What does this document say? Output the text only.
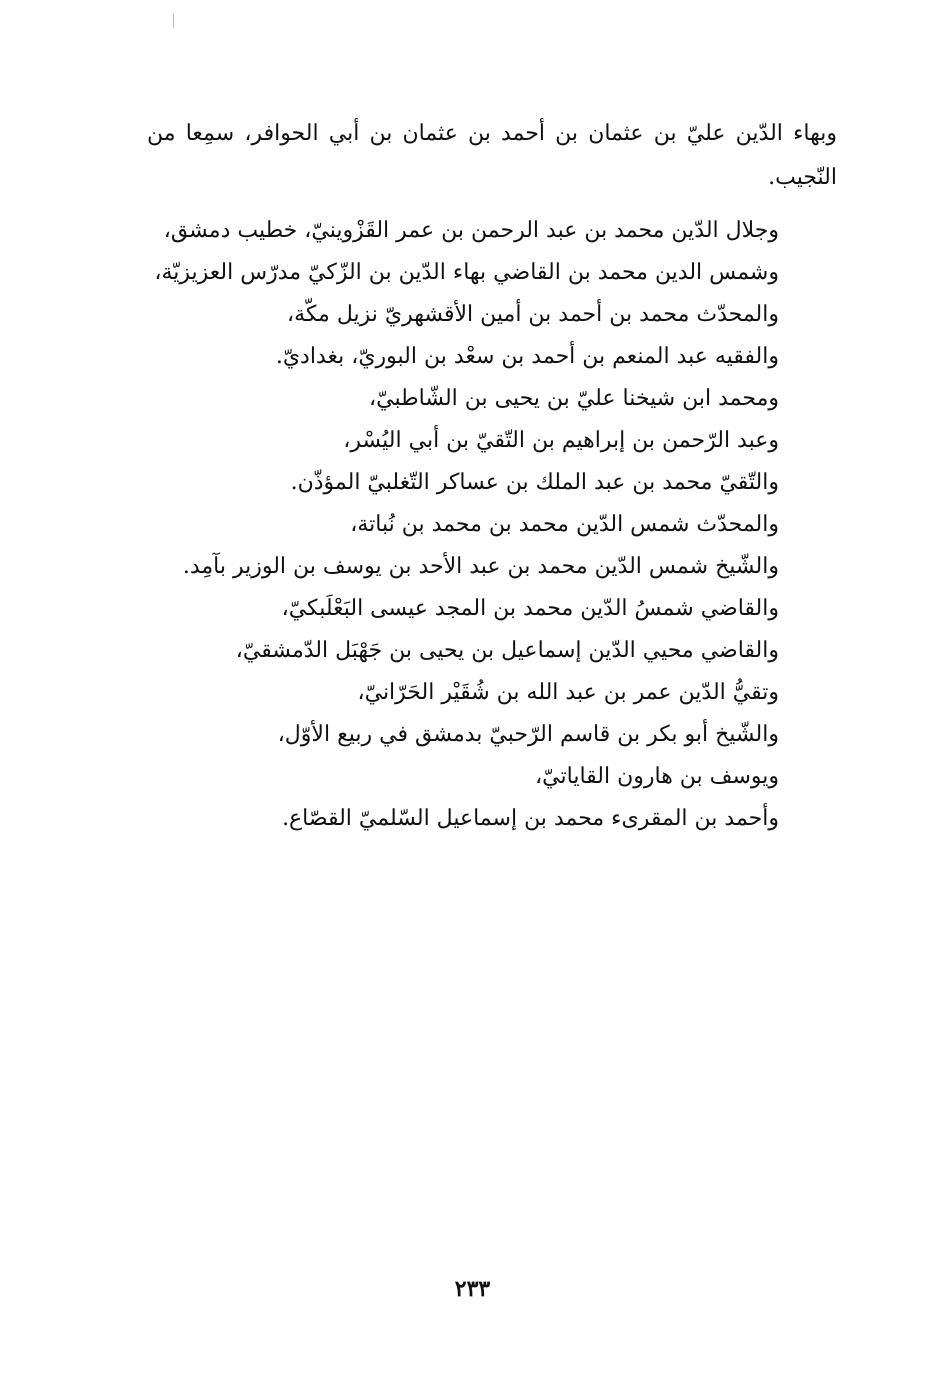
وبهاء الدّين عليّ بن عثمان بن أحمد بن عثمان بن أبي الحوافر، سمِعا من النّجيب.
وجلال الدّين محمد بن عبد الرحمن بن عمر القَزْوينيّ، خطيب دمشق،
وشمس الدين محمد بن القاضي بهاء الدّين بن الزّكيّ مدرّس العزيزيّة،
والمحدّث محمد بن أحمد بن أمين الأقشهريّ نزيل مكّة،
والفقيه عبد المنعم بن أحمد بن سعْد بن البوريّ، بغداديّ.
ومحمد ابن شيخنا عليّ بن يحيى بن الشّاطبيّ،
وعبد الرّحمن بن إبراهيم بن التّقيّ بن أبي اليُسْر،
والتّقيّ محمد بن عبد الملك بن عساكر التّغلبيّ المؤذّن.
والمحدّث شمس الدّين محمد بن محمد بن نُباتة،
والشّيخ شمس الدّين محمد بن عبد الأحد بن يوسف بن الوزير بآمِد.
والقاضي شمسُ الدّين محمد بن المجد عيسى البَعْلَبكيّ،
والقاضي محيي الدّين إسماعيل بن يحيى بن جَهْبَل الدّمشقيّ،
وتقيُّ الدّين عمر بن عبد الله بن شُقَيْر الحَرّانيّ،
والشّيخ أبو بكر بن قاسم الرّحبيّ بدمشق في ربيع الأوّل،
ويوسف بن هارون القاياتيّ،
وأحمد بن المقرىء محمد بن إسماعيل السّلميّ القصّاع.
٢٣٣
